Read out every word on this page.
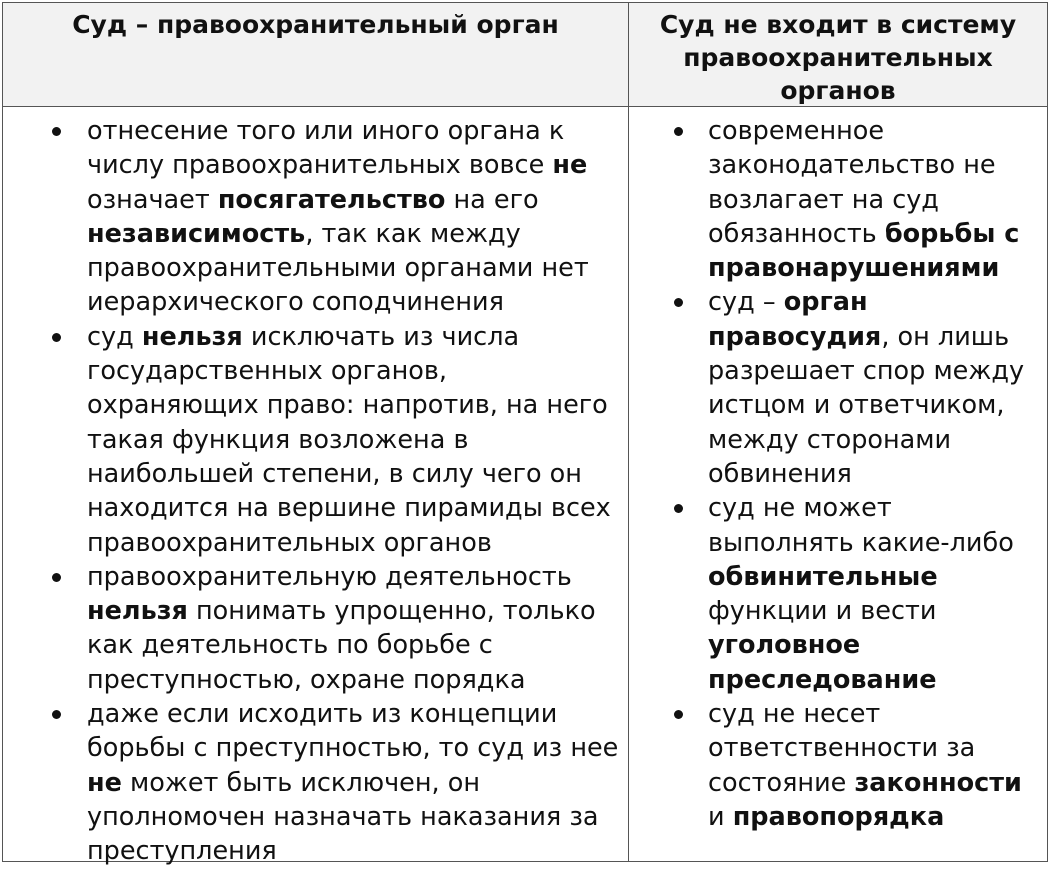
Суд – правоохранительный орган	Суд не входит в систему правоохранительных органов
отнесение того или иного органа к числу правоохранительных вовсе не означает посягательство на его независимость, так как между правоохранительными органами нет иерархического соподчинения
суд нельзя исключать из числа государственных органов, охраняющих право: напротив, на него такая функция возложена в наибольшей степени, в силу чего он находится на вершине пирамиды всех правоохранительных органов
правоохранительную деятельность нельзя понимать упрощенно, только как деятельность по борьбе с преступностью, охране порядка
даже если исходить из концепции борьбы с преступностью, то суд из нее не может быть исключен, он уполномочен назначать наказания за преступления
современное законодательство не возлагает на суд обязанность борьбы с правонарушениями
суд – орган правосудия, он лишь разрешает спор между истцом и ответчиком, между сторонами обвинения
суд не может выполнять какие-либо обвинительные функции и вести уголовное преследование
суд не несет ответственности за состояние законности и правопорядка
